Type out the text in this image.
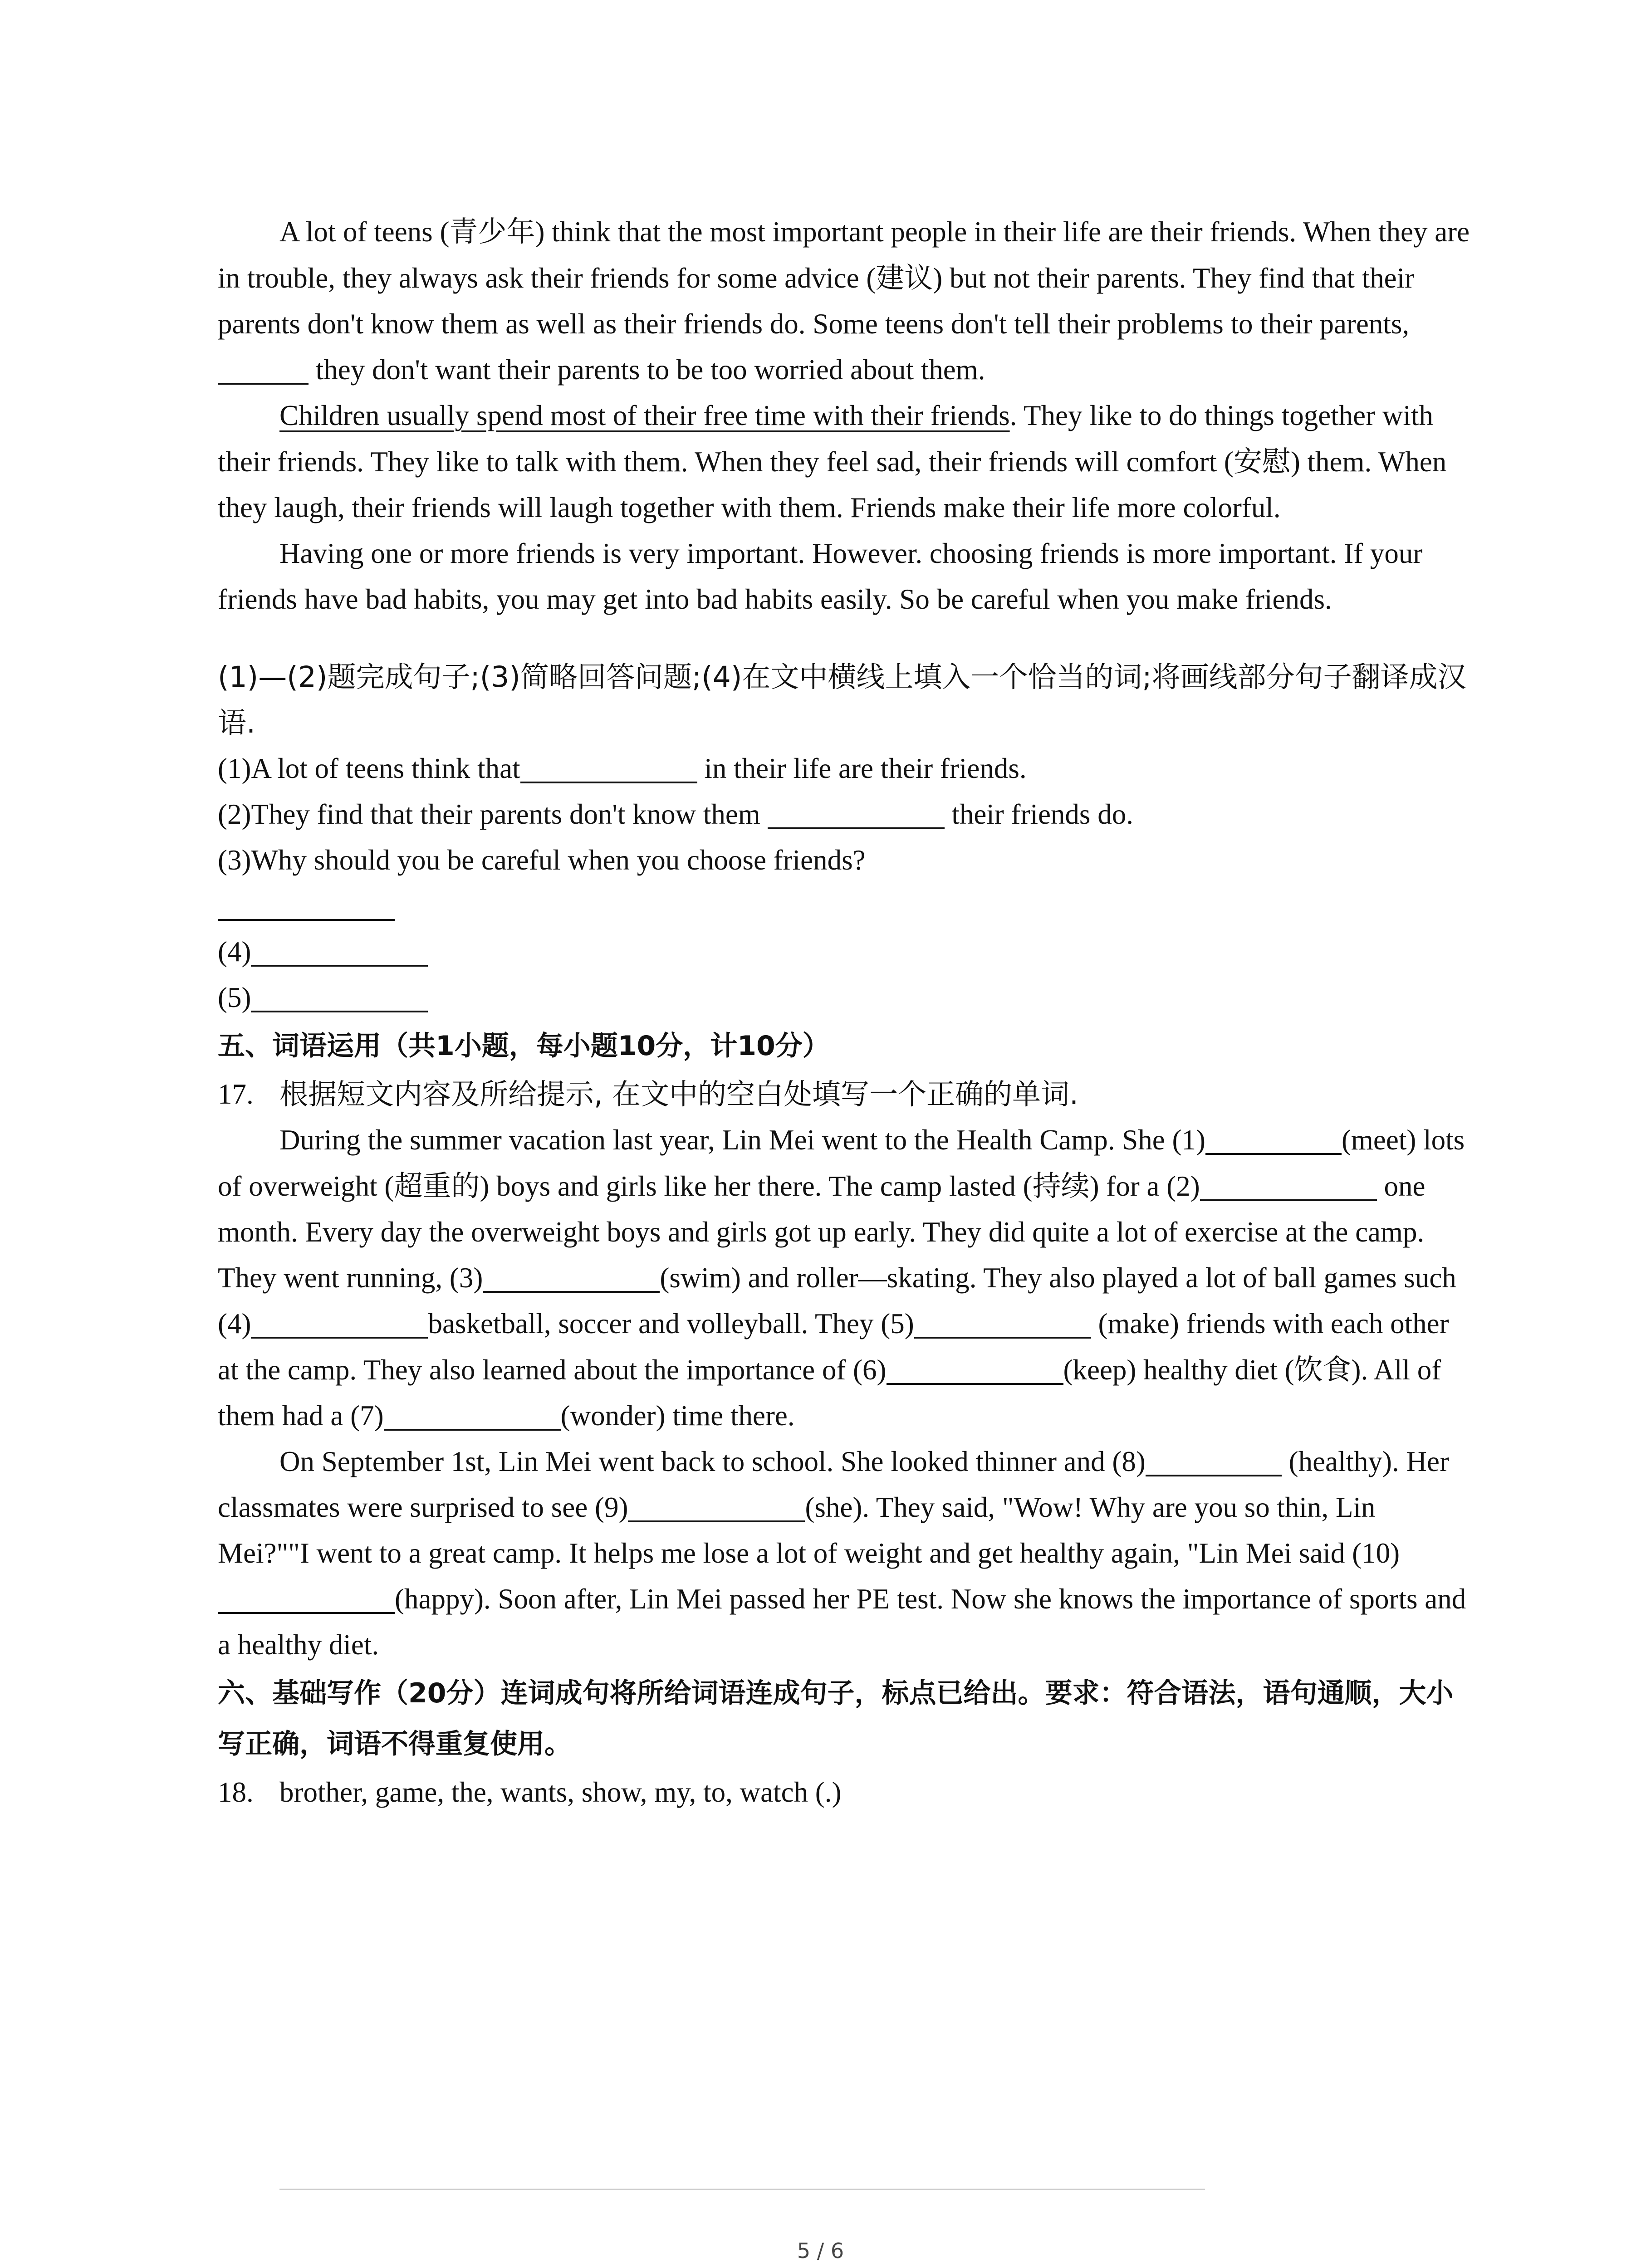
A lot of teens (青少年) think that the most important people in their life are their friends. When they are in trouble, they always ask their friends for some advice (建议) but not their parents. They find that their parents don't know them as well as their friends do. Some teens don't tell their problems to their parents, they don't want their parents to be too worried about them.

Children usually spend most of their free time with their friends. They like to do things together with their friends. They like to talk with them. When they feel sad, their friends will comfort (安慰) them. When they laugh, their friends will laugh together with them. Friends make their life more colorful.

Having one or more friends is very important. However. choosing friends is more important. If your friends have bad habits, you may get into bad habits easily. So be careful when you make friends.

(1)—(2)题完成句子;(3)简略回答问题;(4)在文中横线上填入一个恰当的词;将画线部分句子翻译成汉语.

(1)A lot of teens think that	in their life are their friends.

(2)They find that their parents don't know them	their friends do.

(3)Why should you be careful when you choose friends?

(4)

(5)

五、词语运用（共1小题，每小题10分，计10分）

17. 根据短文内容及所给提示, 在文中的空白处填写一个正确的单词.

During the summer vacation last year, Lin Mei went to the Health Camp. She (1)	(meet) lots of overweight (超重的) boys and girls like her there. The camp lasted (持续) for a (2)	one month. Every day the overweight boys and girls got up early. They did quite a lot of exercise at the camp. They went running, (3)	(swim) and roller—skating. They also played a lot of ball games such (4)	basketball, soccer and volleyball. They (5)	(make) friends with each other at the camp. They also learned about the importance of (6)	(keep) healthy diet (饮食). All of them had a (7)	(wonder) time there.

On September 1st, Lin Mei went back to school. She looked thinner and (8)	(healthy). Her classmates were surprised to see (9)	(she). They said, "Wow! Why are you so thin, Lin Mei?""I went to a great camp. It helps me lose a lot of weight and get healthy again, "Lin Mei said (10)(happy). Soon after, Lin Mei passed her PE test. Now she knows the importance of sports and a healthy diet.

六、基础写作（20分）连词成句将所给词语连成句子，标点已给出。要求：符合语法，语句通顺，大小写正确，词语不得重复使用。

18. brother, game, the, wants, show, my, to, watch (.)
5 / 6
